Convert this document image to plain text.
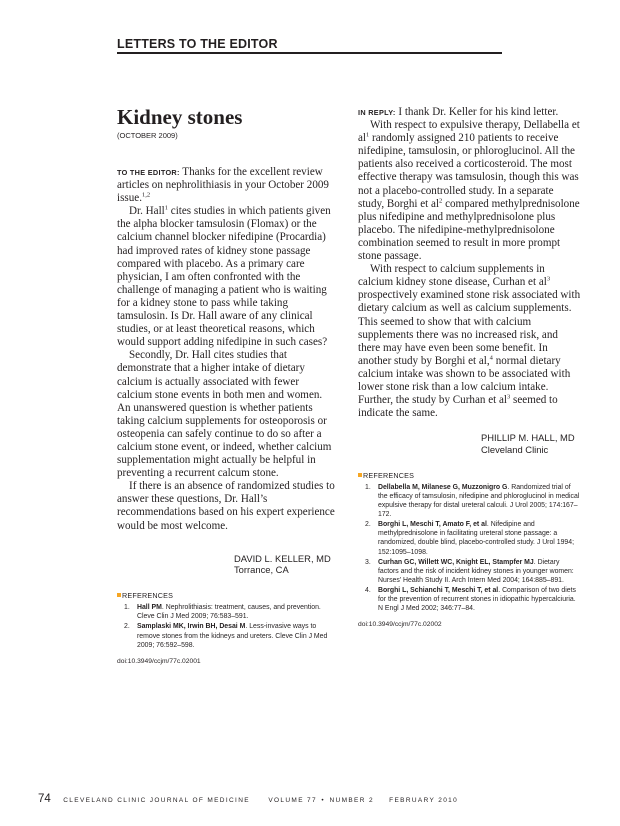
LETTERS TO THE EDITOR
Kidney stones
(OCTOBER 2009)

TO THE EDITOR: Thanks for the excellent review articles on nephrolithiasis in your October 2009 issue.$^{1,2}$

Dr. Hall$^1$ cites studies in which patients given the alpha blocker tamsulosin (Flomax) or the calcium channel blocker nifedipine (Procardia) had improved rates of kidney stone passage compared with placebo. As a primary care physician, I am often confronted with the challenge of managing a patient who is waiting for a kidney stone to pass while taking tamsulosin. Is Dr. Hall aware of any clinical studies, or at least theoretical reasons, which would support adding nifedipine in such cases?

Secondly, Dr. Hall cites studies that demonstrate that a higher intake of dietary calcium is actually associated with fewer calcium stone events in both men and women. An unanswered question is whether patients taking calcium supplements for osteoporosis or osteopenia can safely continue to do so after a calcium stone event, or indeed, whether calcium supplementation might actually be helpful in preventing a recurrent calcum stone.

If there is an absence of randomized studies to answer these questions, Dr. Hall’s recommendations based on his expert experience would be most welcome.

DAVID L. KELLER, MD
Torrance, CA
REFERENCES
1. Hall PM. Nephrolithiasis: treatment, causes, and prevention. Cleve Clin J Med 2009; 76:583–591.
2. Samplaski MK, Irwin BH, Desai M. Less-invasive ways to remove stones from the kidneys and ureters. Cleve Clin J Med 2009; 76:592–598.
doi:10.3949/ccjm/77c.02001

IN REPLY: I thank Dr. Keller for his kind letter.

With respect to expulsive therapy, Dellabella et $al^1$ randomly assigned 210 patients to receive nifedipine, tamsulosin, or phloroglucinol. All the patients also received a corticosteroid. The most effective therapy was tamsulosin, though this was not a placebo-controlled study. In a separate study, Borghi et $al^2$ compared methylprednisolone plus nifedipine and methylprednisolone plus placebo. The nifedipine-methylprednisolone combination seemed to result in more prompt stone passage.

With respect to calcium supplements in calcium kidney stone disease, Curhan et $al^3$ prospectively examined stone risk associated with dietary calcium as well as calcium supplements. This seemed to show that with calcium supplements there was no increased risk, and there may have even been some benefit. In another study by Borghi et al,$^4$ normal dietary calcium intake was shown to be associated with lower stone risk than a low calcium intake. Further, the study by Curhan et $al^3$ seemed to indicate the same.

PHILLIP M. HALL, MD
Cleveland Clinic
REFERENCES
1. Dellabella M, Milanese G, Muzzonigro G. Randomized trial of the efficacy of tamsulosin, nifedipine and phloroglucinol in medical expulsive therapy for distal ureteral calculi. J Urol 2005; 174:167–172.
2. Borghi L, Meschi T, Amato F, et al. Nifedipine and methylprednisolone in facilitating ureteral stone passage: a randomized, double blind, placebo-controlled study. J Urol 1994; 152:1095–1098.
3. Curhan GC, Willett WC, Knight EL, Stampfer MJ. Dietary factors and the risk of incident kidney stones in younger women: Nurses’ Health Study II. Arch Intern Med 2004; 164:885–891.
4. Borghi L, Schianchi T, Meschi T, et al. Comparison of two diets for the prevention of recurrent stones in idiopathic hypercalciuria. N Engl J Med 2002; 346:77–84.
doi:10.3949/ccjm/77c.02002
74 CLEVELAND CLINIC JOURNAL OF MEDICINE	VOLUME 77 • NUMBER 2 FEBRUARY 2010
